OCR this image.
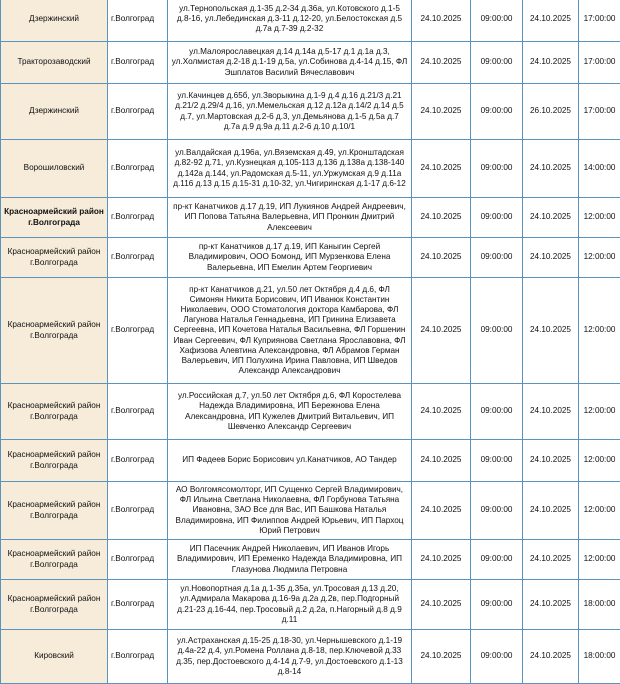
Дзержинский	г.Волгоград	ул.Тернопольская д.1-35 д.2-34 д.36а, ул.Котовского д.1-5 д.8-16, ул.Лебединская д.3-11 д.12-20, ул.Белостокская д.5 д.7а д.7-39 д.2-32	24.10.2025	09:00:00	24.10.2025	17:00:00
Тракторозаводский	г.Волгоград	ул.Малоярославецкая д.14 д.14а д.5-17 д.1 д.1а д.3, ул.Холмистая д.2-18 д.1-19 д.5а, ул.Собинова д.4-14 д.15, ФЛ Эшплатов Василий Вячеславович	24.10.2025	09:00:00	24.10.2025	17:00:00
Дзержинский	г.Волгоград	ул.Качинцев д.65б, ул.Зворыкина д.1-9 д.4 д.16 д.21/3 д.21 д.21/2 д.29/4 д.16, ул.Мемельская д.12 д.12а д.14/2 д.14 д.5 д.7, ул.Мартовская д.2-6 д.3, ул.Демьянова д.1-5 д.5а д.7 д.7а д.9 д.9а д.11 д.2-6 д.10 д.10/1	24.10.2025	09:00:00	26.10.2025	17:00:00
Ворошиловский	г.Волгоград	ул.Валдайская д.196а, ул.Вяземская д.49, ул.Кронштадская д.82-92 д.71, ул.Кузнецкая д.105-113 д.136 д.138а д.138-140 д.142а д.144, ул.Радомская д.5-11, ул.Уржумская д.9 д.11а д.116 д.13 д.15 д.15-31 д.10-32, ул.Чигиринская д.1-17 д.6-12	24.10.2025	09:00:00	24.10.2025	14:00:00
Красноармейский район г.Волгограда	г.Волгоград	пр-кт Канатчиков д.17 д.19, ИП Лукиянов Андрей Андреевич, ИП Попова Татьяна Валерьевна, ИП Пронкин Дмитрий Алексеевич	24.10.2025	09:00:00	24.10.2025	12:00:00
Красноармейский район г.Волгограда	г.Волгоград	пр-кт Канатчиков д.17 д.19, ИП Каныгин Сергей Владимирович, ООО Бомонд, ИП Мурзенкова Елена Валерьевна, ИП Емелин Артем Георгиевич	24.10.2025	09:00:00	24.10.2025	12:00:00
Красноармейский район г.Волгограда	г.Волгоград	пр-кт Канатчиков д.21, ул.50 лет Октября д.4 д.6, ФЛ Симонян Никита Борисович, ИП Иванюк Константин Николаевич, ООО Стоматология доктора Камбарова, ФЛ Лагунова Наталья Геннадьевна, ИП Гринина Елизавета Сергеевна, ИП Кочетова Наталья Васильевна, ФЛ Горшенин Иван Сергеевич, ФЛ Куприянова Светлана Ярославовна, ФЛ Хафизова Алевтина Александровна, ФЛ Абрамов Герман Валерьевич, ИП Полухина Ирина Павловна, ИП Шведов Александр Александрович	24.10.2025	09:00:00	24.10.2025	12:00:00
Красноармейский район г.Волгограда	г.Волгоград	ул.Российская д.7, ул.50 лет Октября д.6, ФЛ Коростелева Надежда Владимировна, ИП Бережнова Елена Александровна, ИП Кужелев Дмитрий Витальевич, ИП Шевченко Александр Сергеевич	24.10.2025	09:00:00	24.10.2025	12:00:00
Красноармейский район г.Волгограда	г.Волгоград	ИП Фадеев Борис Борисович ул.Канатчиков, АО Тандер	24.10.2025	09:00:00	24.10.2025	12:00:00
Красноармейский район г.Волгограда	г.Волгоград	АО Волгомясомолторг, ИП Сущенко Сергей Владимирович, ФЛ Ильина Светлана Николаевна, ФЛ Горбунова Татьяна Ивановна, ЗАО Все для Вас, ИП Башкова Наталья Владимировна, ИП Филиппов Андрей Юрьевич, ИП Пархоц Юрий Петрович	24.10.2025	09:00:00	24.10.2025	12:00:00
Красноармейский район г.Волгограда	г.Волгоград	ИП Пасечник Андрей Николаевич, ИП Иванов Игорь Владимирович, ИП Еременко Надежда Владимировна, ИП Глазунова Людмила Петровна	24.10.2025	09:00:00	24.10.2025	12:00:00
Красноармейский район г.Волгограда	г.Волгоград	ул.Новопортная д.1а д.1-35 д.35а, ул.Тросовая д.13 д.20, ул.Адмирала Макарова д.16-9а д.2а д.2в, пер.Подгорный д.21-23 д.16-44, пер.Тросовый д.2 д.2а, п.Нагорный д.8 д.9 д.11	24.10.2025	09:00:00	24.10.2025	18:00:00
Кировский	г.Волгоград	ул.Астраханская д.15-25 д.18-30, ул.Чернышевского д.1-19 д.4а-22 д.4, ул.Ромена Роллана д.8-18, пер.Ключевой д.33 д.35, пер.Достоевского д.4-14 д.7-9, ул.Достоевского д.1-13 д.8-14	24.10.2025	09:00:00	24.10.2025	18:00:00
